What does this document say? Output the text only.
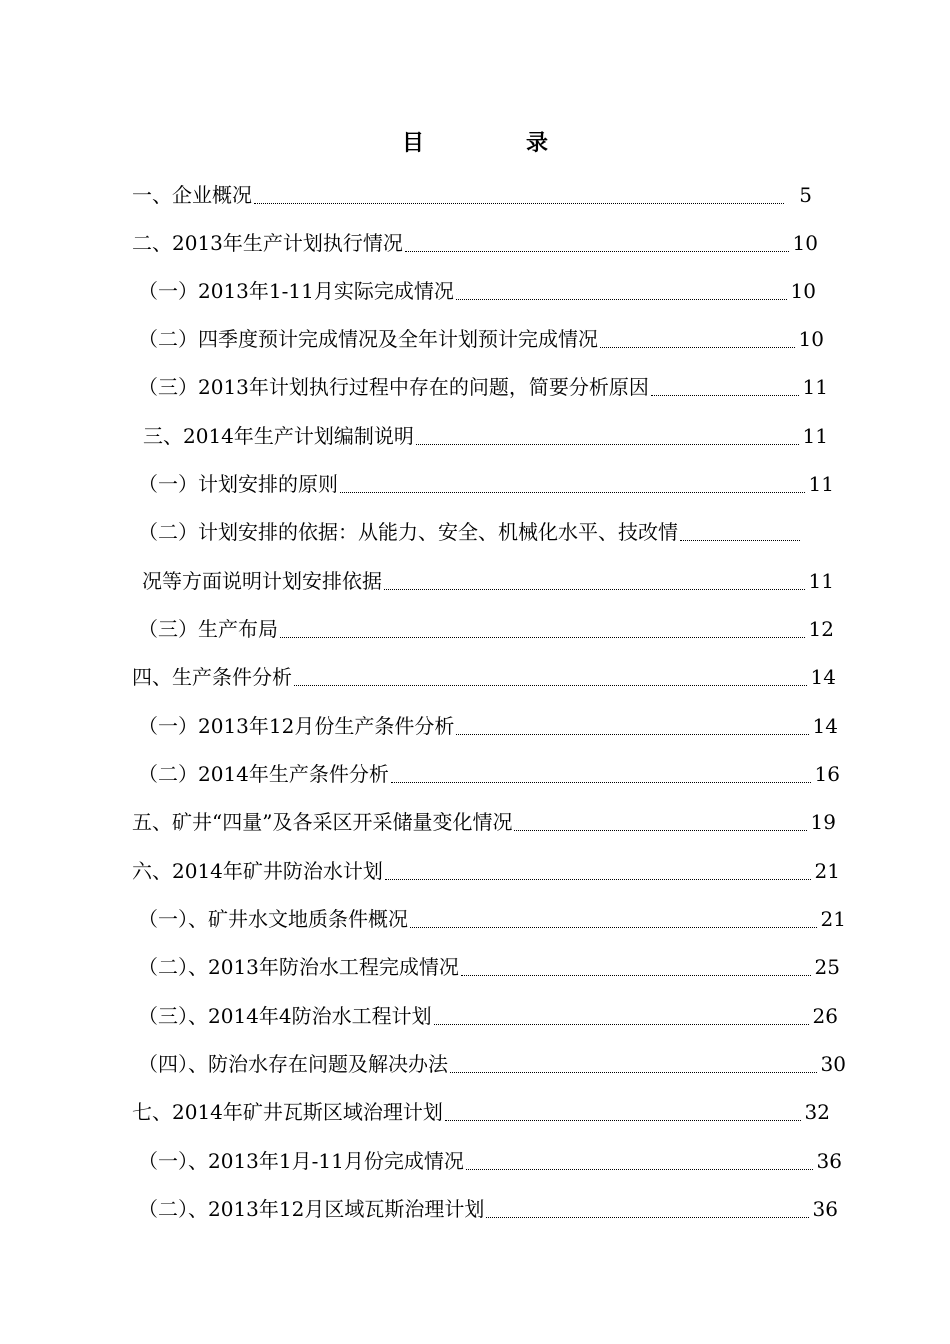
目　录
一、企业概况	5
二、2013年生产计划执行情况	10
（一）2013年1-11月实际完成情况	10
（二）四季度预计完成情况及全年计划预计完成情况	10
（三）2013年计划执行过程中存在的问题，简要分析原因	11
三、2014年生产计划编制说明	11
（一）计划安排的原则	11
（二）计划安排的依据：从能力、安全、机械化水平、技改情
况等方面说明计划安排依据	11
（三）生产布局	12
四、生产条件分析	14
（一）2013年12月份生产条件分析	14
（二）2014年生产条件分析	16
五、矿井“四量”及各采区开采储量变化情况	19
六、2014年矿井防治水计划	21
（一）、矿井水文地质条件概况	21
（二）、2013年防治水工程完成情况	25
（三）、2014年4防治水工程计划	26
（四）、防治水存在问题及解决办法	30
七、2014年矿井瓦斯区域治理计划	32
（一）、2013年1月-11月份完成情况	36
（二）、2013年12月区域瓦斯治理计划	36
